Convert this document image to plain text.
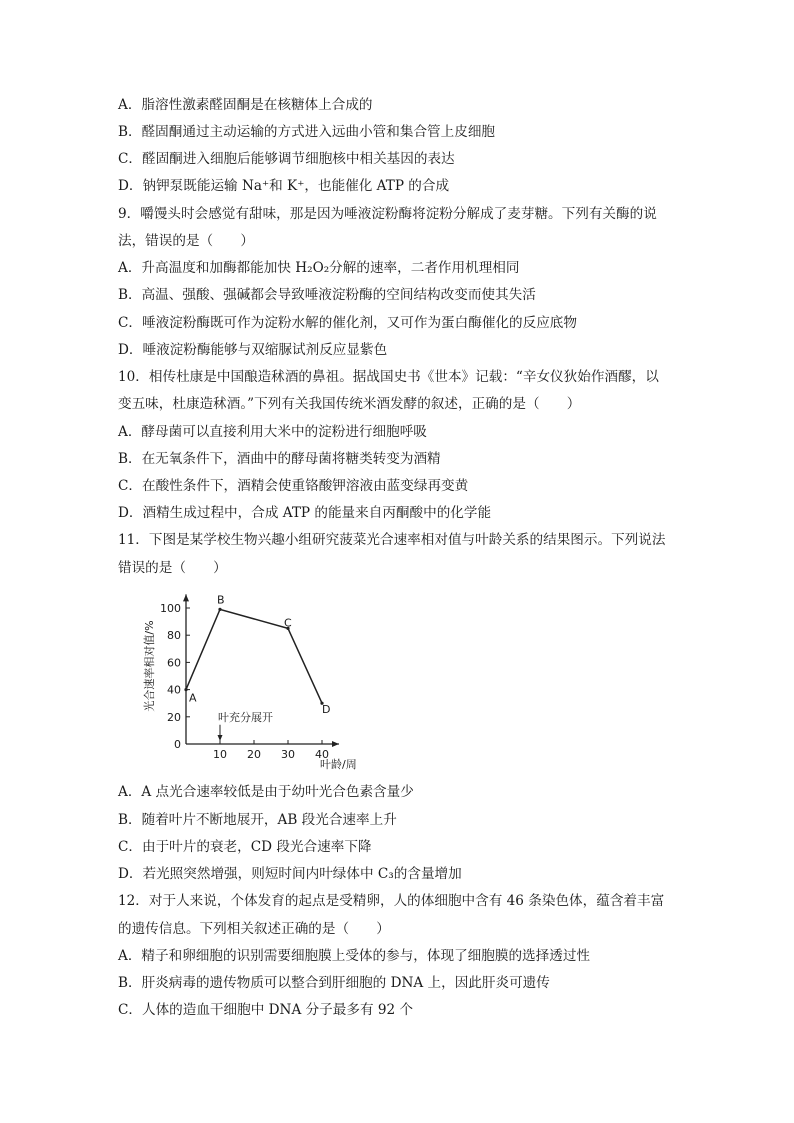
A．脂溶性激素醛固酮是在核糖体上合成的
B．醛固酮通过主动运输的方式进入远曲小管和集合管上皮细胞
C．醛固酮进入细胞后能够调节细胞核中相关基因的表达
D．钠钾泵既能运输 Na⁺和 K⁺，也能催化 ATP 的合成
9．嚼馒头时会感觉有甜味，那是因为唾液淀粉酶将淀粉分解成了麦芽糖。下列有关酶的说
法，错误的是（　　）
A．升高温度和加酶都能加快 H₂O₂分解的速率，二者作用机理相同
B．高温、强酸、强碱都会导致唾液淀粉酶的空间结构改变而使其失活
C．唾液淀粉酶既可作为淀粉水解的催化剂，又可作为蛋白酶催化的反应底物
D．唾液淀粉酶能够与双缩脲试剂反应显紫色
10．相传杜康是中国酿造秫酒的鼻祖。据战国史书《世本》记载：“辛女仪狄始作酒醪，以
变五味，杜康造秫酒。”下列有关我国传统米酒发酵的叙述，正确的是（　　）
A．酵母菌可以直接利用大米中的淀粉进行细胞呼吸
B．在无氧条件下，酒曲中的酵母菌将糖类转变为酒精
C．在酸性条件下，酒精会使重铬酸钾溶液由蓝变绿再变黄
D．酒精生成过程中，合成 ATP 的能量来自丙酮酸中的化学能
11．下图是某学校生物兴趣小组研究菠菜光合速率相对值与叶龄关系的结果图示。下列说法
错误的是（　　）
光合速率相对值/%
0
20
40
60
80
100
10 20 30 40
叶充分展开
A
B
C
D
叶龄/周
A．A 点光合速率较低是由于幼叶光合色素含量少
B．随着叶片不断地展开，AB 段光合速率上升
C．由于叶片的衰老，CD 段光合速率下降
D．若光照突然增强，则短时间内叶绿体中 C₃的含量增加
12．对于人来说，个体发育的起点是受精卵，人的体细胞中含有 46 条染色体，蕴含着丰富
的遗传信息。下列相关叙述正确的是（　　）
A．精子和卵细胞的识别需要细胞膜上受体的参与，体现了细胞膜的选择透过性
B．肝炎病毒的遗传物质可以整合到肝细胞的 DNA 上，因此肝炎可遗传
C．人体的造血干细胞中 DNA 分子最多有 92 个
